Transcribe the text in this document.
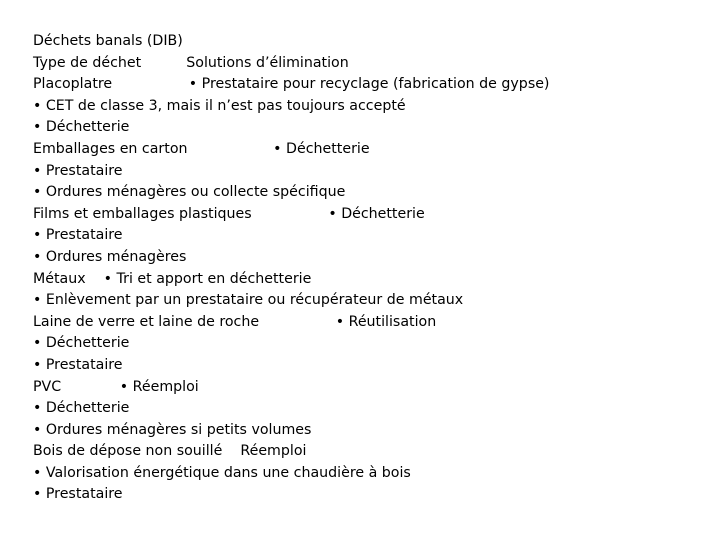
Déchets banals (DIB)
Type de déchet          Solutions d’élimination
Placoplatre                 • Prestataire pour recyclage (fabrication de gypse)
• CET de classe 3, mais il n’est pas toujours accepté
• Déchetterie
Emballages en carton                   • Déchetterie
• Prestataire
• Ordures ménagères ou collecte spécifique
Films et emballages plastiques                 • Déchetterie
• Prestataire
• Ordures ménagères
Métaux    • Tri et apport en déchetterie
• Enlèvement par un prestataire ou récupérateur de métaux
Laine de verre et laine de roche                 • Réutilisation
• Déchetterie
• Prestataire
PVC             • Réemploi
• Déchetterie
• Ordures ménagères si petits volumes
Bois de dépose non souillé    Réemploi
• Valorisation énergétique dans une chaudière à bois
• Prestataire
